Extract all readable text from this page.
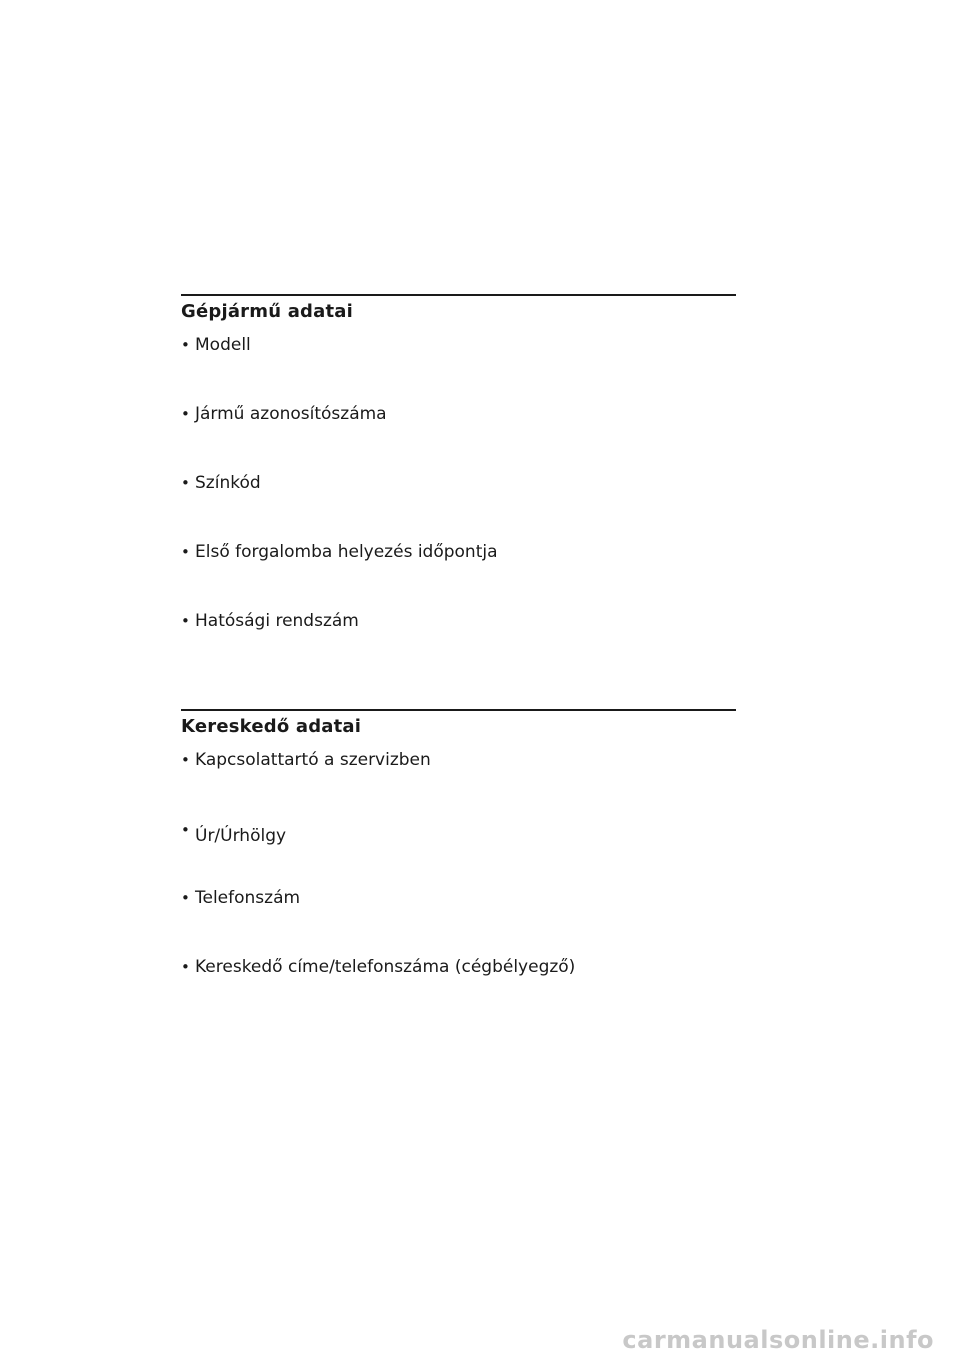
Gépjármű adatai
• Modell
• Jármű azonosítószáma
• Színkód
• Első forgalomba helyezés időpontja
• Hatósági rendszám
Kereskedő adatai
• Kapcsolattartó a szervizben
• Úr/Úrhölgy
• Telefonszám
• Kereskedő címe/telefonszáma (cégbélyegző)
carmanualsonline.info
